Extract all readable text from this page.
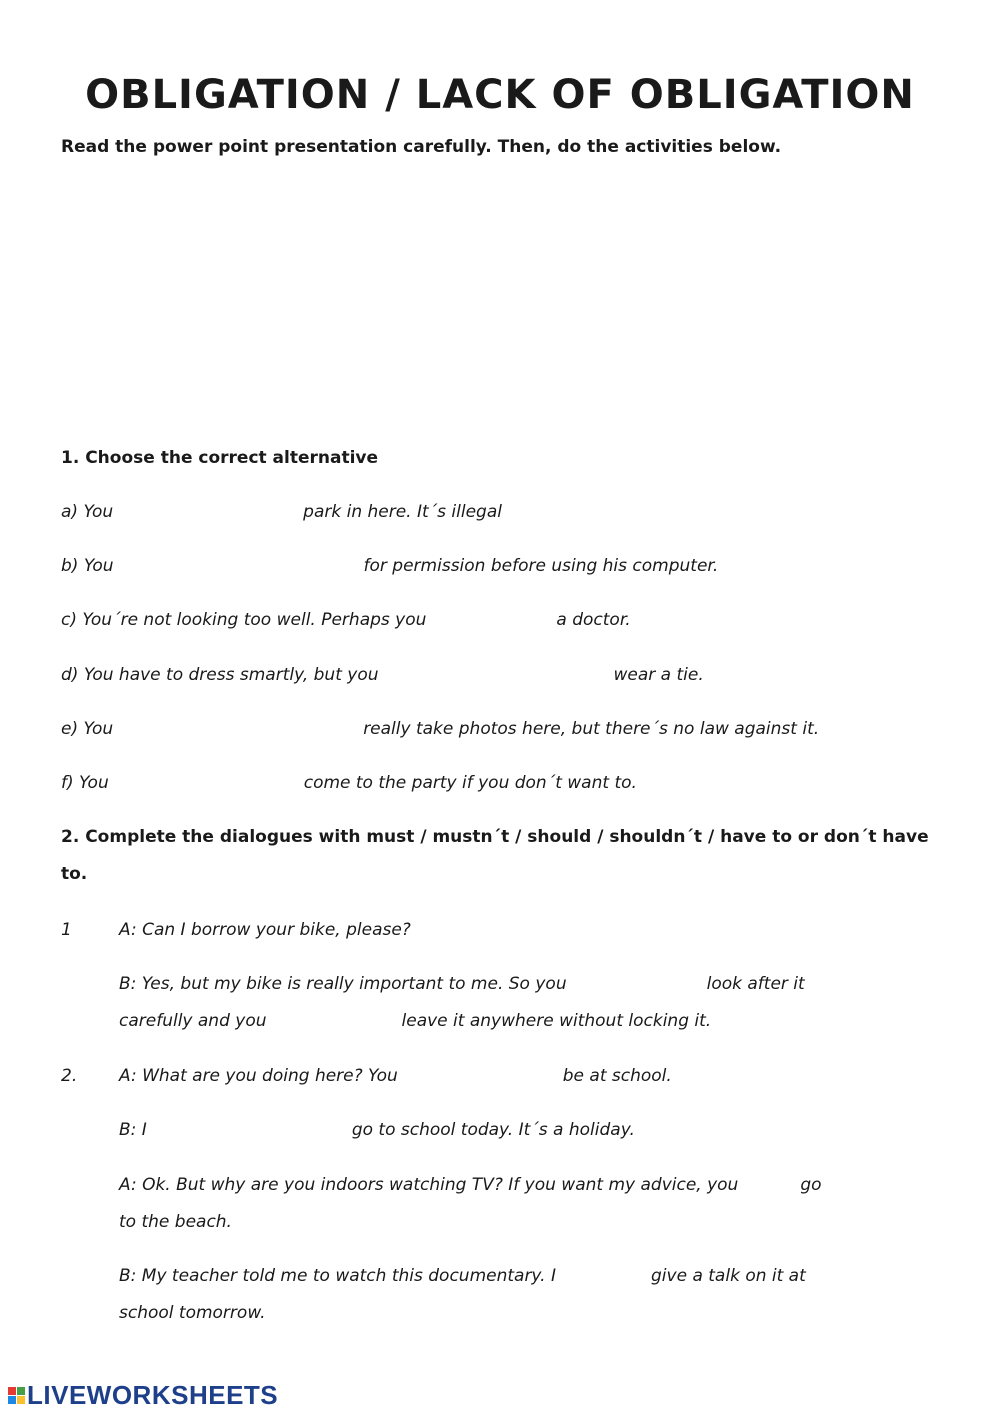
OBLIGATION / LACK OF OBLIGATION
Read the power point presentation carefully. Then, do the activities below.
1. Choose the correct alternative
a) You	park in here. It´s illegal
b) You	for permission before using his computer.
c) You´re not looking too well. Perhaps you	a doctor.
d) You have to dress smartly, but you	wear a tie.
e) You	really take photos here, but there´s no law against it.
f) You	come to the party if you don´t want to.
2. Complete the dialogues with must / mustn´t / should / shouldn´t / have to or don´t have
to.
1	A: Can I borrow your bike, please?
B: Yes, but my bike is really important to me. So you	look after it
carefully and you	leave it anywhere without locking it.
2. A: What are you doing here? You	be at school.
B: I	go to school today. It´s a holiday.
A: Ok. But why are you indoors watching TV? If you want my advice, you	go
to the beach.
B: My teacher told me to watch this documentary. I	give a talk on it at
school tomorrow.
LIVEWORKSHEETS
